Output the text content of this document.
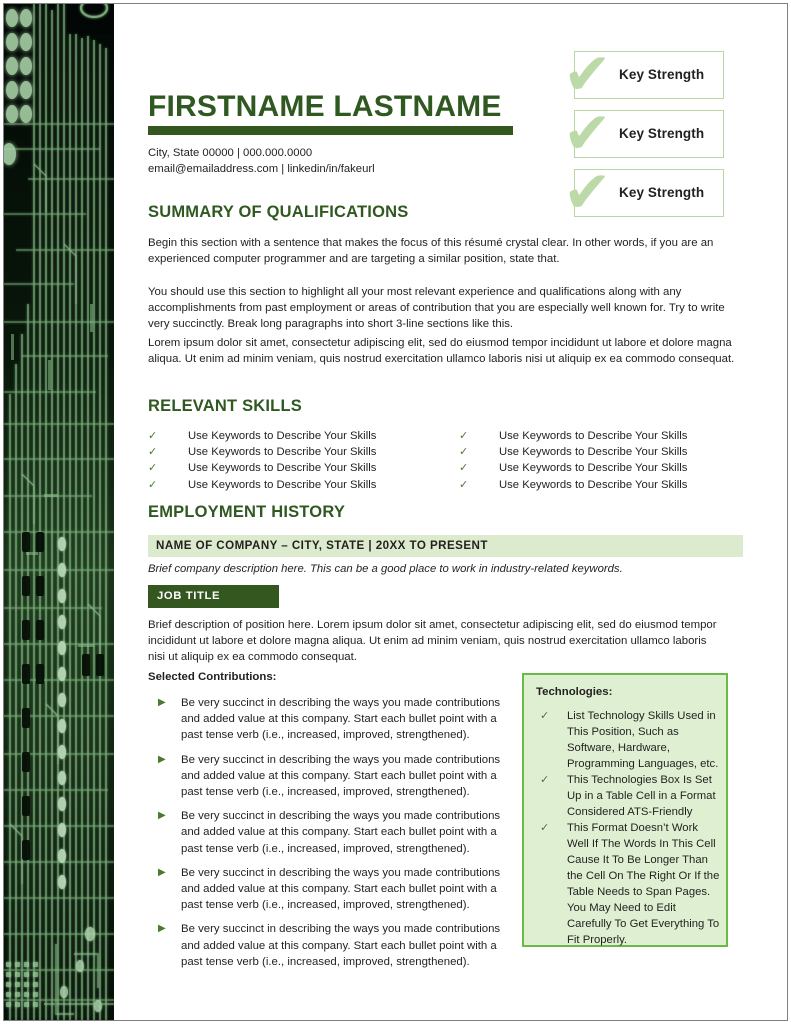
✔ Key Strength
✔ Key Strength
✔ Key Strength
FIRSTNAME LASTNAME
City, State 00000 | 000.000.0000
email@emailaddress.com | linkedin/in/fakeurl
SUMMARY OF QUALIFICATIONS
Begin this section with a sentence that makes the focus of this résumé crystal clear. In other words, if you are an experienced computer programmer and are targeting a similar position, state that.
You should use this section to highlight all your most relevant experience and qualifications along with any accomplishments from past employment or areas of contribution that you are especially well known for. Try to write very succinctly. Break long paragraphs into short 3-line sections like this.
Lorem ipsum dolor sit amet, consectetur adipiscing elit, sed do eiusmod tempor incididunt ut labore et dolore magna aliqua. Ut enim ad minim veniam, quis nostrud exercitation ullamco laboris nisi ut aliquip ex ea commodo consequat.
RELEVANT SKILLS
✓	Use Keywords to Describe Your Skills
✓	Use Keywords to Describe Your Skills
✓	Use Keywords to Describe Your Skills
✓	Use Keywords to Describe Your Skills
✓	Use Keywords to Describe Your Skills
✓	Use Keywords to Describe Your Skills
✓	Use Keywords to Describe Your Skills
✓	Use Keywords to Describe Your Skills
EMPLOYMENT HISTORY
NAME OF COMPANY – CITY, STATE | 20XX TO PRESENT
Brief company description here. This can be a good place to work in industry-related keywords.
JOB TITLE
Brief description of position here. Lorem ipsum dolor sit amet, consectetur adipiscing elit, sed do eiusmod tempor incididunt ut labore et dolore magna aliqua. Ut enim ad minim veniam, quis nostrud exercitation ullamco laboris nisi ut aliquip ex ea commodo consequat.
Selected Contributions:
▶ Be very succinct in describing the ways you made contributions and added value at this company. Start each bullet point with a past tense verb (i.e., increased, improved, strengthened).
▶ Be very succinct in describing the ways you made contributions and added value at this company. Start each bullet point with a past tense verb (i.e., increased, improved, strengthened).
▶ Be very succinct in describing the ways you made contributions and added value at this company. Start each bullet point with a past tense verb (i.e., increased, improved, strengthened).
▶ Be very succinct in describing the ways you made contributions and added value at this company. Start each bullet point with a past tense verb (i.e., increased, improved, strengthened).
▶ Be very succinct in describing the ways you made contributions and added value at this company. Start each bullet point with a past tense verb (i.e., increased, improved, strengthened).
Technologies:
✓ List Technology Skills Used in This Position, Such as Software, Hardware, Programming Languages, etc.
✓ This Technologies Box Is Set Up in a Table Cell in a Format Considered ATS-Friendly
✓ This Format Doesn’t Work Well If The Words In This Cell Cause It To Be Longer Than the Cell On The Right Or If the Table Needs to Span Pages. You May Need to Edit Carefully To Get Everything To Fit Properly.
